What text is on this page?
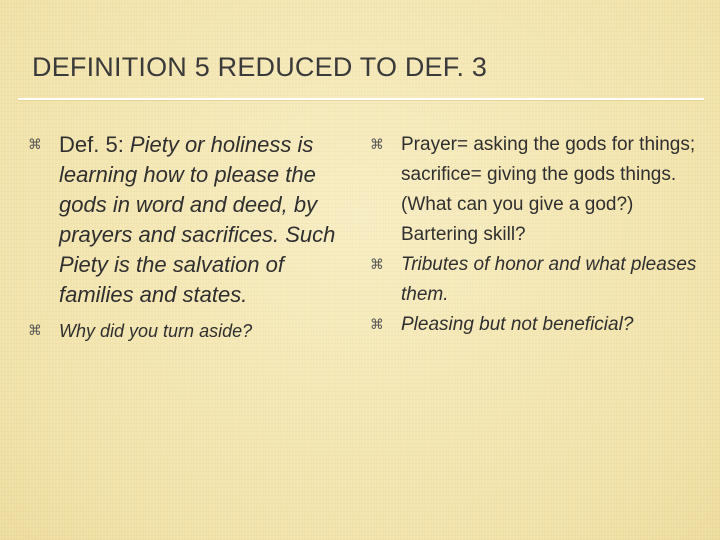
DEFINITION 5 REDUCED TO DEF. 3
⌘ Def. 5: Piety or holiness is learning how to please the gods in word and deed, by prayers and sacrifices. Such Piety is the salvation of families and states.
⌘ Why did you turn aside?
⌘ Prayer= asking the gods for things; sacrifice= giving the gods things. (What can you give a god?) Bartering skill?
⌘ Tributes of honor and what pleases them.
⌘ Pleasing but not beneficial?
